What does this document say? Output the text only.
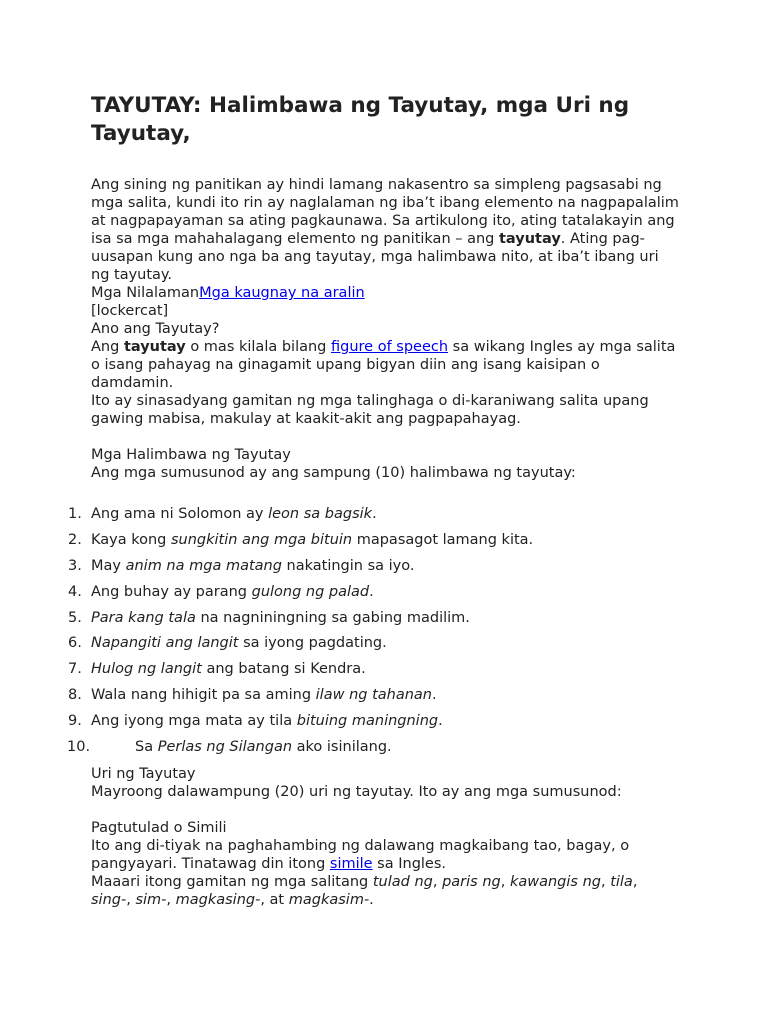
TAYUTAY: Halimbawa ng Tayutay, mga Uri ng Tayutay,

Ang sining ng panitikan ay hindi lamang nakasentro sa simpleng pagsasabi ng mga salita, kundi ito rin ay naglalaman ng iba’t ibang elemento na nagpapalalim at nagpapayaman sa ating pagkaunawa. Sa artikulong ito, ating tatalakayin ang isa sa mga mahahalagang elemento ng panitikan – ang tayutay. Ating pag-uusapan kung ano nga ba ang tayutay, mga halimbawa nito, at iba’t ibang uri ng tayutay.

Mga NilalamanMga kaugnay na aralin

[lockercat]

Ano ang Tayutay?

Ang tayutay o mas kilala bilang figure of speech sa wikang Ingles ay mga salita o isang pahayag na ginagamit upang bigyan diin ang isang kaisipan o damdamin.

Ito ay sinasadyang gamitan ng mga talinghaga o di-karaniwang salita upang gawing mabisa, makulay at kaakit-akit ang pagpapahayag.

Mga Halimbawa ng Tayutay

Ang mga sumusunod ay ang sampung (10) halimbawa ng tayutay:

1. Ang ama ni Solomon ay leon sa bagsik.
2. Kaya kong sungkitin ang mga bituin mapasagot lamang kita.
3. May anim na mga matang nakatingin sa iyo.
4. Ang buhay ay parang gulong ng palad.
5. Para kang tala na nagniningning sa gabing madilim.
6. Napangiti ang langit sa iyong pagdating.
7. Hulog ng langit ang batang si Kendra.
8. Wala nang hihigit pa sa aming ilaw ng tahanan.
9. Ang iyong mga mata ay tila bituing maningning.
10.	Sa Perlas ng Silangan ako isinilang.

Uri ng Tayutay

Mayroong dalawampung (20) uri ng tayutay. Ito ay ang mga sumusunod:

Pagtutulad o Simili

Ito ang di-tiyak na paghahambing ng dalawang magkaibang tao, bagay, o pangyayari. Tinatawag din itong simile sa Ingles.

Maaari itong gamitan ng mga salitang tulad ng, paris ng, kawangis ng, tila, sing-, sim-, magkasing-, at magkasim-.
